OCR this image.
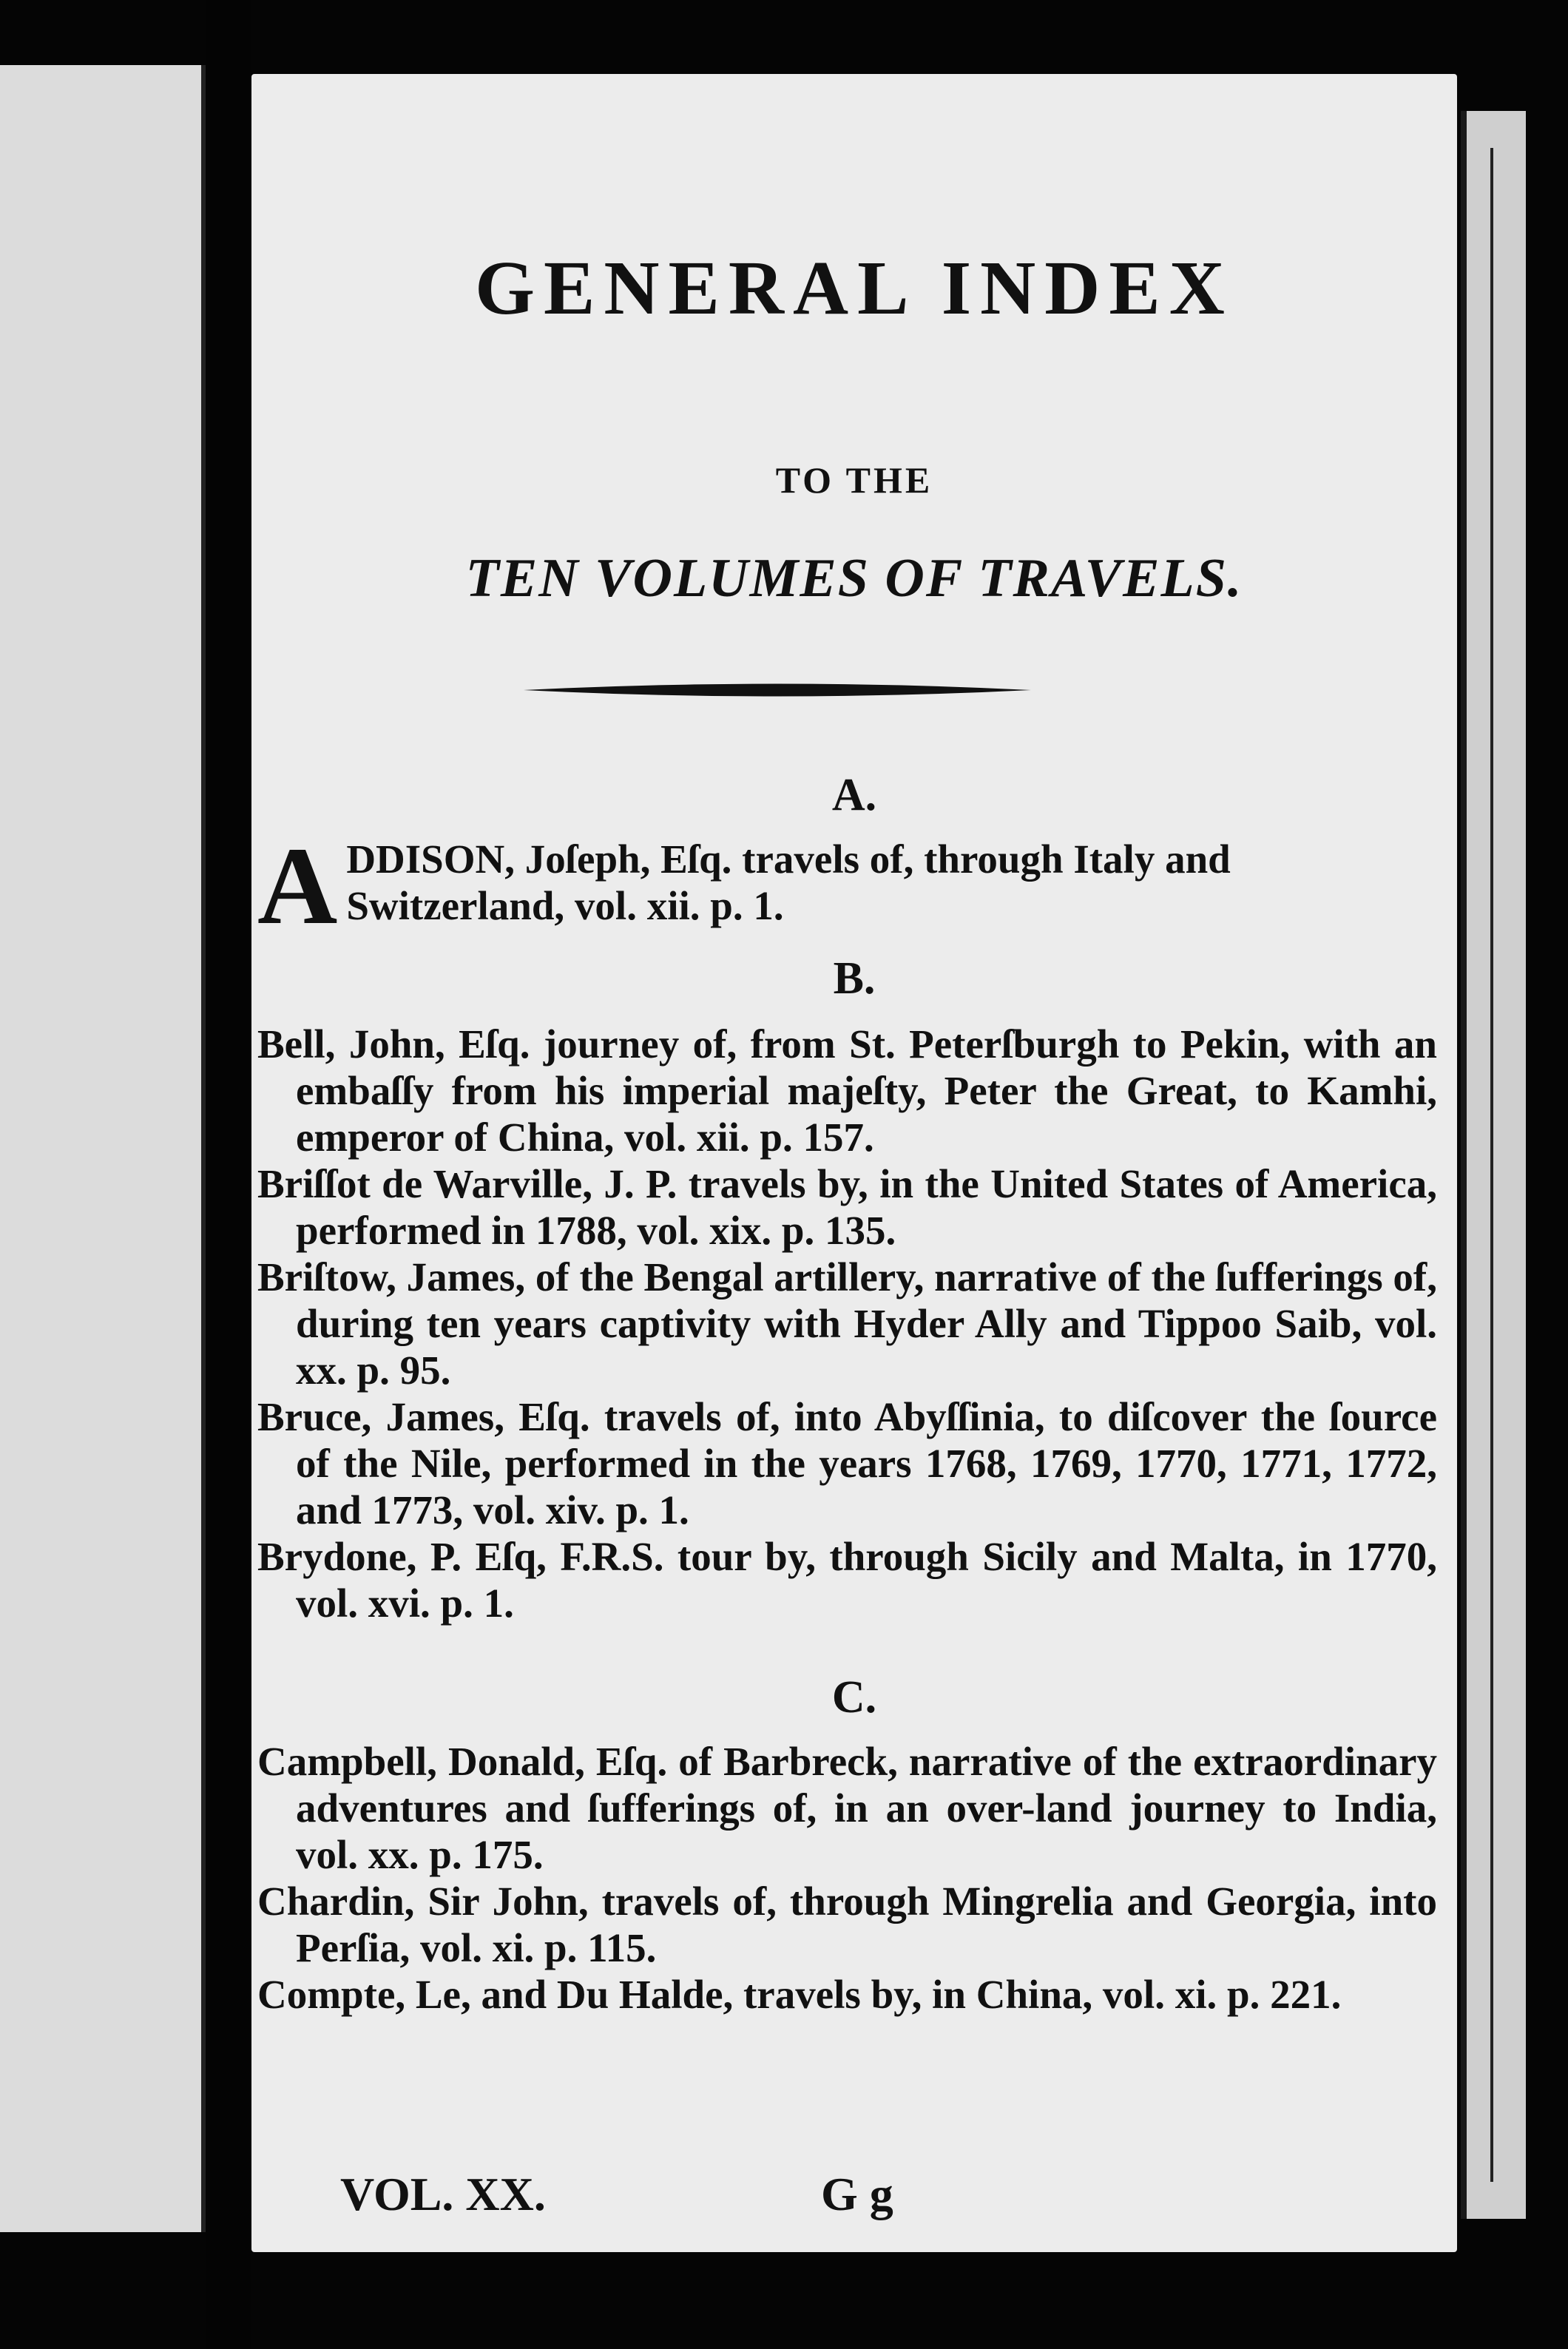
GENERAL INDEX
TO THE
TEN VOLUMES OF TRAVELS.
A.
A DDISON, Joſeph, Eſq. travels of, through Italy and Switzerland, vol. xii. p. 1.
B.

Bell, John, Eſq. journey of, from St. Peterſburgh to Pekin, with an embaſſy from his imperial majeſty, Peter the Great, to Kamhi, emperor of China, vol. xii. p. 157.

Briſſot de Warville, J. P. travels by, in the United States of America, performed in 1788, vol. xix. p. 135.

Briſtow, James, of the Bengal artillery, narrative of the ſufferings of, during ten years captivity with Hyder Ally and Tippoo Saib, vol. xx. p. 95.

Bruce, James, Eſq. travels of, into Abyſſinia, to diſcover the ſource of the Nile, performed in the years 1768, 1769, 1770, 1771, 1772, and 1773, vol. xiv. p. 1.

Brydone, P. Eſq, F.R.S. tour by, through Sicily and Malta, in 1770, vol. xvi. p. 1.

C.

Campbell, Donald, Eſq. of Barbreck, narrative of the extraordinary adventures and ſufferings of, in an over-land journey to India, vol. xx. p. 175.

Chardin, Sir John, travels of, through Mingrelia and Georgia, into Perſia, vol. xi. p. 115.

Compte, Le, and Du Halde, travels by, in China, vol. xi. p. 221.

VOL. XX.	G g
